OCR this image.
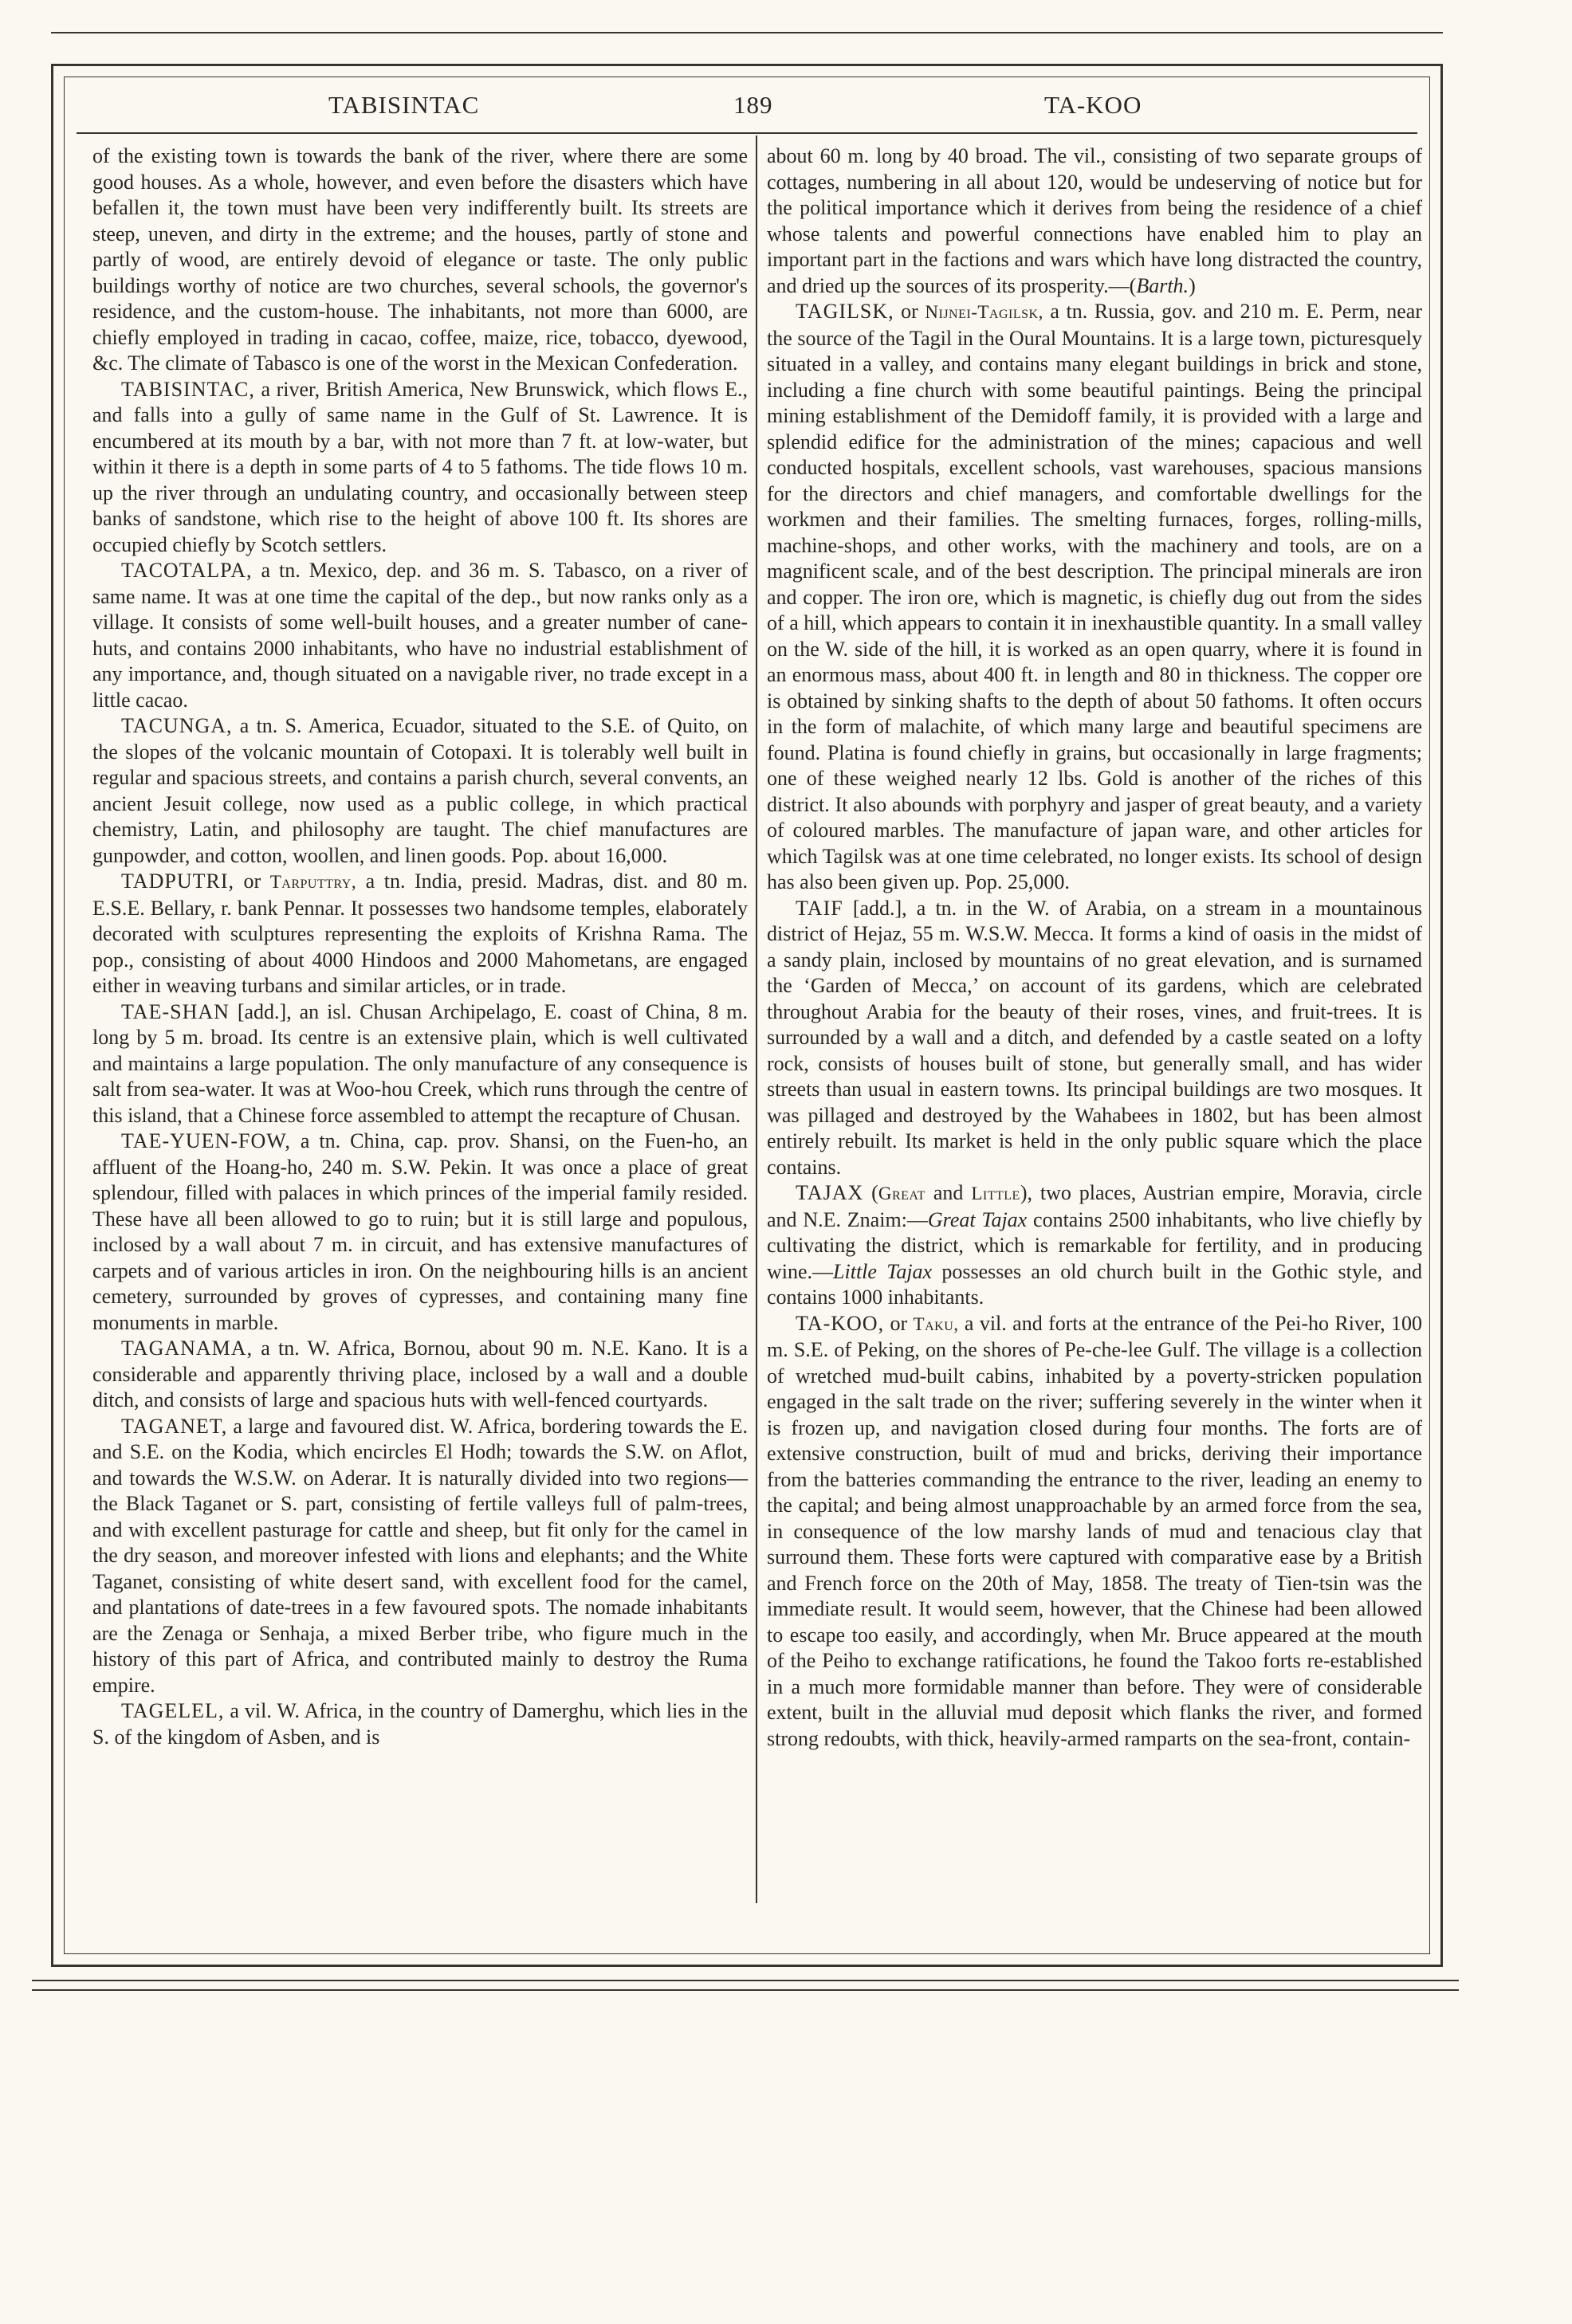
TABISINTAC	189	TA-KOO

of the existing town is towards the bank of the river, where there are some good houses. As a whole, however, and even before the disasters which have befallen it, the town must have been very indifferently built. Its streets are steep, uneven, and dirty in the extreme; and the houses, partly of stone and partly of wood, are entirely devoid of elegance or taste. The only public buildings worthy of notice are two churches, several schools, the governor's residence, and the custom-house. The inhabitants, not more than 6000, are chiefly employed in trading in cacao, coffee, maize, rice, tobacco, dyewood, &c. The climate of Tabasco is one of the worst in the Mexican Confederation.

TABISINTAC, a river, British America, New Brunswick, which flows E., and falls into a gully of same name in the Gulf of St. Lawrence. It is encumbered at its mouth by a bar, with not more than 7 ft. at low-water, but within it there is a depth in some parts of 4 to 5 fathoms. The tide flows 10 m. up the river through an undulating country, and occasionally between steep banks of sandstone, which rise to the height of above 100 ft. Its shores are occupied chiefly by Scotch settlers.

TACOTALPA, a tn. Mexico, dep. and 36 m. S. Tabasco, on a river of same name. It was at one time the capital of the dep., but now ranks only as a village. It consists of some well-built houses, and a greater number of cane-huts, and contains 2000 inhabitants, who have no industrial establishment of any importance, and, though situated on a navigable river, no trade except in a little cacao.

TACUNGA, a tn. S. America, Ecuador, situated to the S.E. of Quito, on the slopes of the volcanic mountain of Cotopaxi. It is tolerably well built in regular and spacious streets, and contains a parish church, several convents, an ancient Jesuit college, now used as a public college, in which practical chemistry, Latin, and philosophy are taught. The chief manufactures are gunpowder, and cotton, woollen, and linen goods. Pop. about 16,000.

TADPUTRI, or Tarputtry, a tn. India, presid. Madras, dist. and 80 m. E.S.E. Bellary, r. bank Pennar. It possesses two handsome temples, elaborately decorated with sculptures representing the exploits of Krishna Rama. The pop., consisting of about 4000 Hindoos and 2000 Mahometans, are engaged either in weaving turbans and similar articles, or in trade.

TAE-SHAN [add.], an isl. Chusan Archipelago, E. coast of China, 8 m. long by 5 m. broad. Its centre is an extensive plain, which is well cultivated and maintains a large population. The only manufacture of any consequence is salt from sea-water. It was at Woo-hou Creek, which runs through the centre of this island, that a Chinese force assembled to attempt the recapture of Chusan.

TAE-YUEN-FOW, a tn. China, cap. prov. Shansi, on the Fuen-ho, an affluent of the Hoang-ho, 240 m. S.W. Pekin. It was once a place of great splendour, filled with palaces in which princes of the imperial family resided. These have all been allowed to go to ruin; but it is still large and populous, inclosed by a wall about 7 m. in circuit, and has extensive manufactures of carpets and of various articles in iron. On the neighbouring hills is an ancient cemetery, surrounded by groves of cypresses, and containing many fine monuments in marble.

TAGANAMA, a tn. W. Africa, Bornou, about 90 m. N.E. Kano. It is a considerable and apparently thriving place, inclosed by a wall and a double ditch, and consists of large and spacious huts with well-fenced courtyards.

TAGANET, a large and favoured dist. W. Africa, bordering towards the E. and S.E. on the Kodia, which encircles El Hodh; towards the S.W. on Aflot, and towards the W.S.W. on Aderar. It is naturally divided into two regions—the Black Taganet or S. part, consisting of fertile valleys full of palm-trees, and with excellent pasturage for cattle and sheep, but fit only for the camel in the dry season, and moreover infested with lions and elephants; and the White Taganet, consisting of white desert sand, with excellent food for the camel, and plantations of date-trees in a few favoured spots. The nomade inhabitants are the Zenaga or Senhaja, a mixed Berber tribe, who figure much in the history of this part of Africa, and contributed mainly to destroy the Ruma empire.

TAGELEL, a vil. W. Africa, in the country of Damerghu, which lies in the S. of the kingdom of Asben, and is

about 60 m. long by 40 broad. The vil., consisting of two separate groups of cottages, numbering in all about 120, would be undeserving of notice but for the political importance which it derives from being the residence of a chief whose talents and powerful connections have enabled him to play an important part in the factions and wars which have long distracted the country, and dried up the sources of its prosperity.—(Barth.)

TAGILSK, or Nijnei-Tagilsk, a tn. Russia, gov. and 210 m. E. Perm, near the source of the Tagil in the Oural Mountains. It is a large town, picturesquely situated in a valley, and contains many elegant buildings in brick and stone, including a fine church with some beautiful paintings. Being the principal mining establishment of the Demidoff family, it is provided with a large and splendid edifice for the administration of the mines; capacious and well conducted hospitals, excellent schools, vast warehouses, spacious mansions for the directors and chief managers, and comfortable dwellings for the workmen and their families. The smelting furnaces, forges, rolling-mills, machine-shops, and other works, with the machinery and tools, are on a magnificent scale, and of the best description. The principal minerals are iron and copper. The iron ore, which is magnetic, is chiefly dug out from the sides of a hill, which appears to contain it in inexhaustible quantity. In a small valley on the W. side of the hill, it is worked as an open quarry, where it is found in an enormous mass, about 400 ft. in length and 80 in thickness. The copper ore is obtained by sinking shafts to the depth of about 50 fathoms. It often occurs in the form of malachite, of which many large and beautiful specimens are found. Platina is found chiefly in grains, but occasionally in large fragments; one of these weighed nearly 12 lbs. Gold is another of the riches of this district. It also abounds with porphyry and jasper of great beauty, and a variety of coloured marbles. The manufacture of japan ware, and other articles for which Tagilsk was at one time celebrated, no longer exists. Its school of design has also been given up. Pop. 25,000.

TAIF [add.], a tn. in the W. of Arabia, on a stream in a mountainous district of Hejaz, 55 m. W.S.W. Mecca. It forms a kind of oasis in the midst of a sandy plain, inclosed by mountains of no great elevation, and is surnamed the ‘Garden of Mecca,’ on account of its gardens, which are celebrated throughout Arabia for the beauty of their roses, vines, and fruit-trees. It is surrounded by a wall and a ditch, and defended by a castle seated on a lofty rock, consists of houses built of stone, but generally small, and has wider streets than usual in eastern towns. Its principal buildings are two mosques. It was pillaged and destroyed by the Wahabees in 1802, but has been almost entirely rebuilt. Its market is held in the only public square which the place contains.

TAJAX (Great and Little), two places, Austrian empire, Moravia, circle and N.E. Znaim:—Great Tajax contains 2500 inhabitants, who live chiefly by cultivating the district, which is remarkable for fertility, and in producing wine.—Little Tajax possesses an old church built in the Gothic style, and contains 1000 inhabitants.

TA-KOO, or Taku, a vil. and forts at the entrance of the Pei-ho River, 100 m. S.E. of Peking, on the shores of Pe-che-lee Gulf. The village is a collection of wretched mud-built cabins, inhabited by a poverty-stricken population engaged in the salt trade on the river; suffering severely in the winter when it is frozen up, and navigation closed during four months. The forts are of extensive construction, built of mud and bricks, deriving their importance from the batteries commanding the entrance to the river, leading an enemy to the capital; and being almost unapproachable by an armed force from the sea, in consequence of the low marshy lands of mud and tenacious clay that surround them. These forts were captured with comparative ease by a British and French force on the 20th of May, 1858. The treaty of Tien-tsin was the immediate result. It would seem, however, that the Chinese had been allowed to escape too easily, and accordingly, when Mr. Bruce appeared at the mouth of the Peiho to exchange ratifications, he found the Takoo forts re-established in a much more formidable manner than before. They were of considerable extent, built in the alluvial mud deposit which flanks the river, and formed strong redoubts, with thick, heavily-armed ramparts on the sea-front, contain-
